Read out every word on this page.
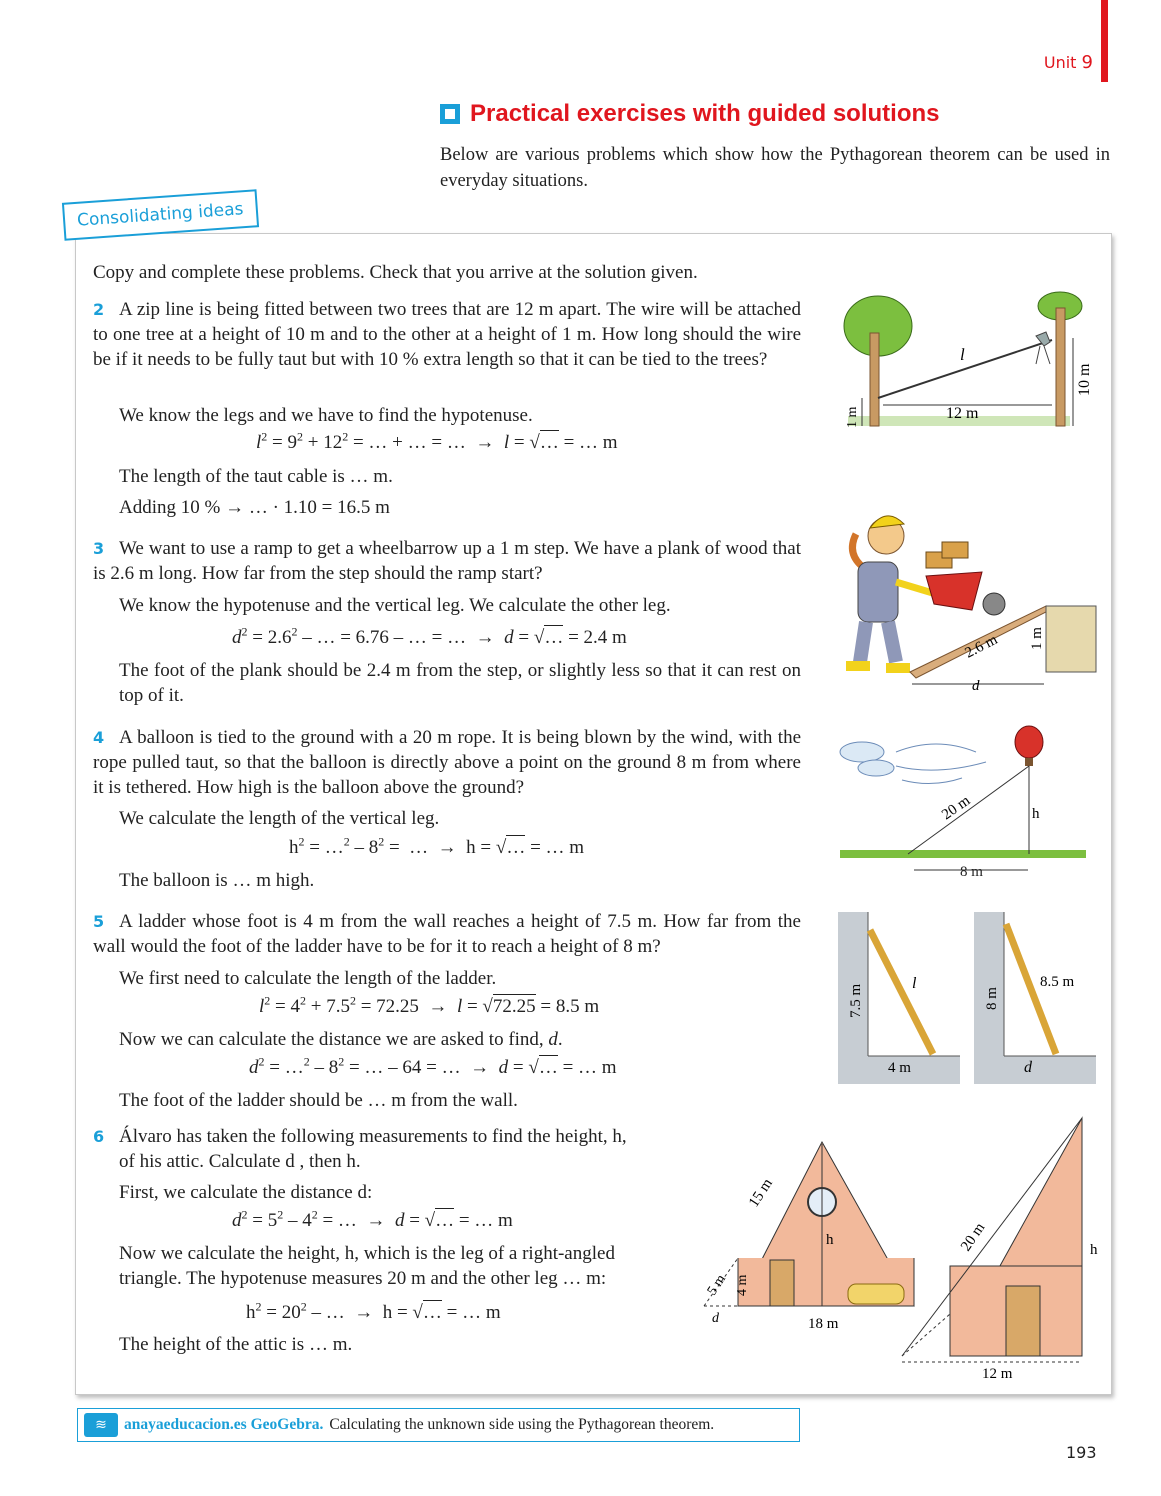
Unit 9
Practical exercises with guided solutions
Below are various problems which show how the Pythagorean theorem can be used in everyday situations.
Consolidating ideas
Copy and complete these problems. Check that you arrive at the solution given.
2 A zip line is being fitted between two trees that are 12 m apart. The wire will be attached to one tree at a height of 10 m and to the other at a height of 1 m. How long should the wire be if it needs to be fully taut but with 10 % extra length so that it can be tied to the trees?
We know the legs and we have to find the hypotenuse.
$l^2 = 9^2 + 12^2$ = … + … = …  →  l = √… = … m
The length of the taut cable is … m.
Adding 10 % → … · 1.10 = 16.5 m
l
12 m
10 m
1 m
3 We want to use a ramp to get a wheelbarrow up a 1 m step. We have a plank of wood that is 2.6 m long. How far from the step should the ramp start?
We know the hypotenuse and the vertical leg. We calculate the other leg.
$d^2 = 2.6^2$ – … = 6.76 – … = …  →  d = √… = 2.4 m
The foot of the plank should be 2.4 m from the step, or slightly less so that it can rest on top of it.
2.6 m 1 m
d
4 A balloon is tied to the ground with a 20 m rope. It is being blown by the wind, with the rope pulled taut, so that the balloon is directly above a point on the ground 8 m from where it is tethered. How high is the balloon above the ground?
We calculate the length of the vertical leg.
$h^2$ = …$^2$ – $8^2$ =  …  →  h = √… = … m
The balloon is … m high.
20 m	h
8 m
5 A ladder whose foot is 4 m from the wall reaches a height of 7.5 m. How far from the wall would the foot of the ladder have to be for it to reach a height of 8 m?
We first need to calculate the length of the ladder.
$l^2 = 4^2 + 7.5^2 = 72.25 \to l = √72.25 = 8.5$ m
Now we can calculate the distance we are asked to find, d.
$d^2$ = …$^2$ – $8^2$ = … – 64 = …  →  d = √… = … m
The foot of the ladder should be … m from the wall.
7.5 m
l
4 m
8 m
8.5 m
d
6 Álvaro has taken the following measurements to find the height, h,
of his attic. Calculate d , then h.
First, we calculate the distance d:
$d^2 = 5^2 - 4^2$ = …  →  d = √… = … m
Now we calculate the height, h, which is the leg of a right-angled
triangle. The hypotenuse measures 20 m and the other leg … m:
$h^2 = 20^2$ – …  →  h = √… = … m
The height of the attic is … m.
15 m
5 m 4 m
d
h
18 m
20 m	h
12 m
≋	anayaeducacion.es GeoGebra. Calculating the unknown side using the Pythagorean theorem.
193
